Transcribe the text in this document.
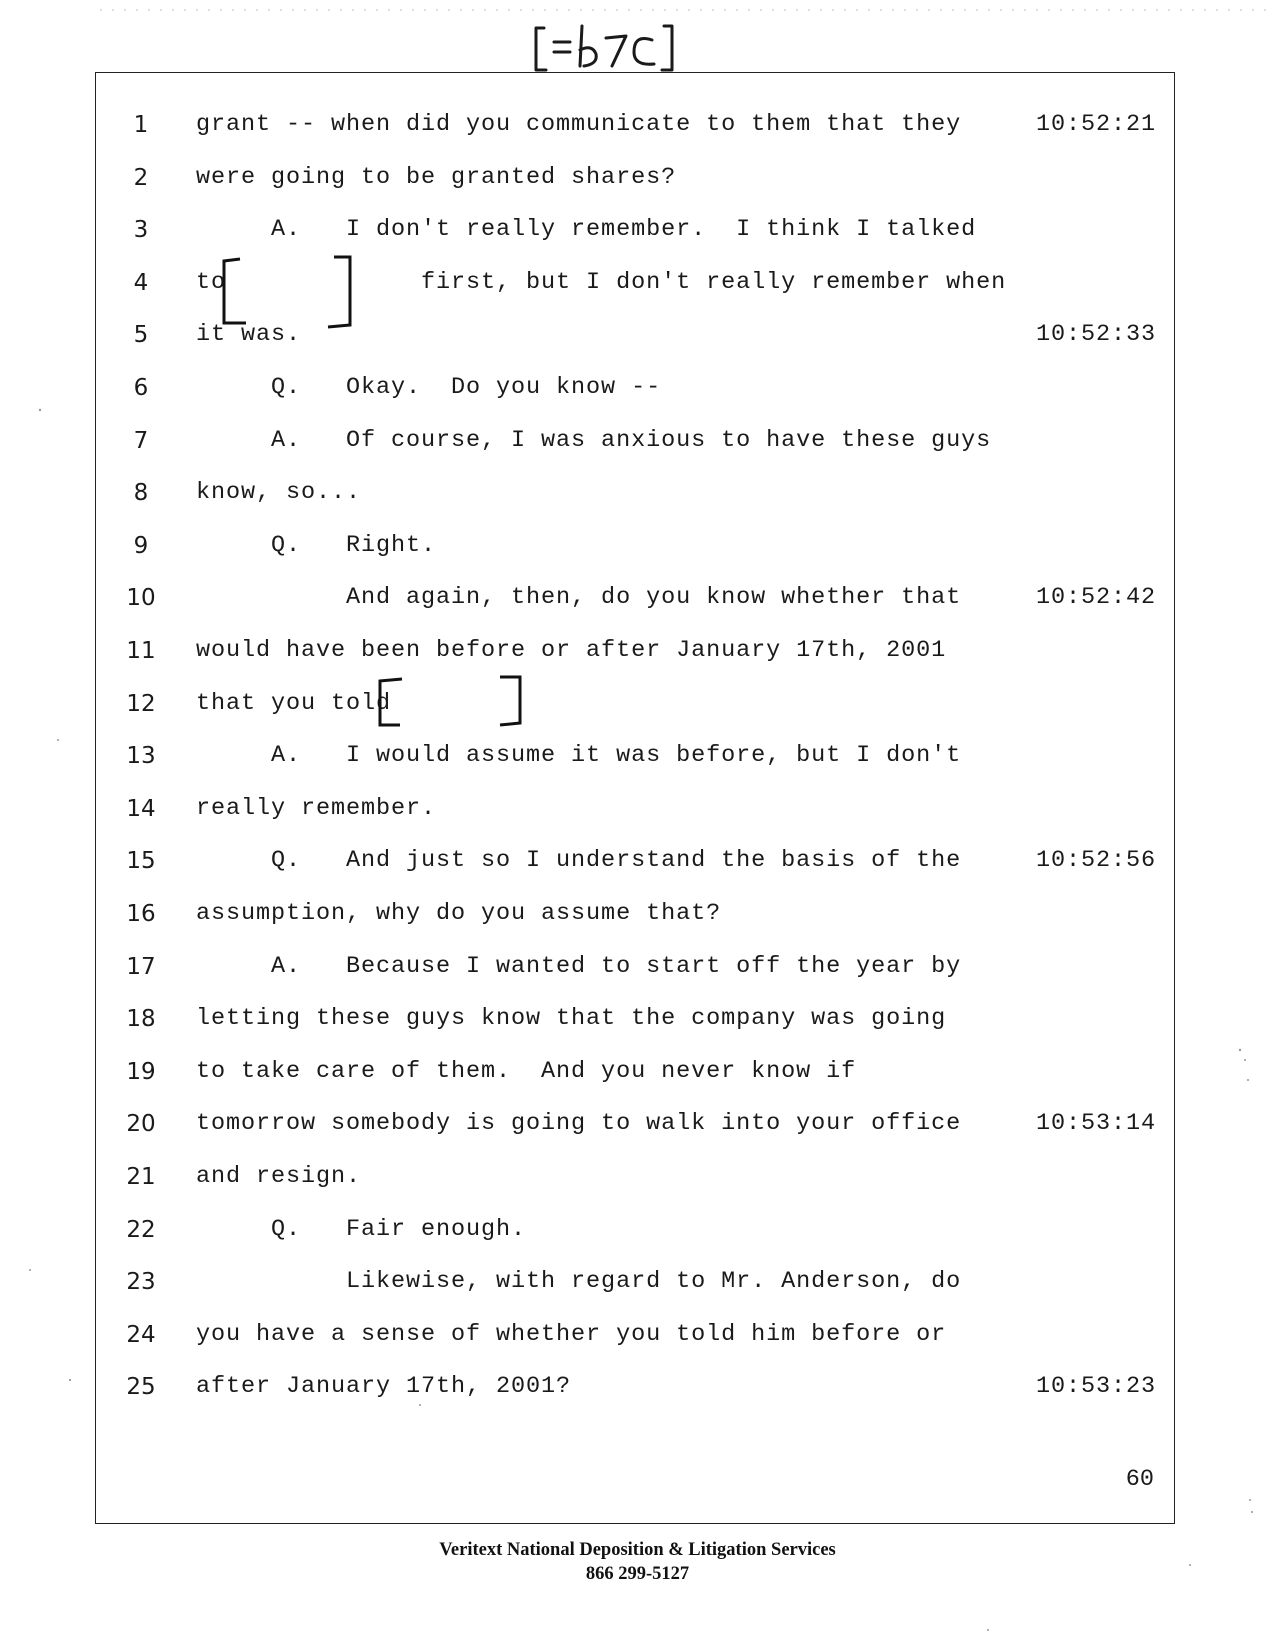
1	grant -- when did you communicate to them that they	10:52:21
2	were going to be granted shares?
3	A.   I don't really remember.  I think I talked
4	to             first, but I don't really remember when
5	it was.	10:52:33
6	Q.   Okay.  Do you know --
7	A.   Of course, I was anxious to have these guys
8	know, so...
9	Q.   Right.
10	And again, then, do you know whether that	10:52:42
11	would have been before or after January 17th, 2001
12	that you told
13	A.   I would assume it was before, but I don't
14	really remember.
15	Q.   And just so I understand the basis of the	10:52:56
16	assumption, why do you assume that?
17	A.   Because I wanted to start off the year by
18	letting these guys know that the company was going
19	to take care of them.  And you never know if
20	tomorrow somebody is going to walk into your office	10:53:14
21	and resign.
22	Q.   Fair enough.
23	Likewise, with regard to Mr. Anderson, do
24	you have a sense of whether you told him before or
25	after January 17th, 2001?	10:53:23
60
Veritext National Deposition & Litigation Services
866 299-5127
